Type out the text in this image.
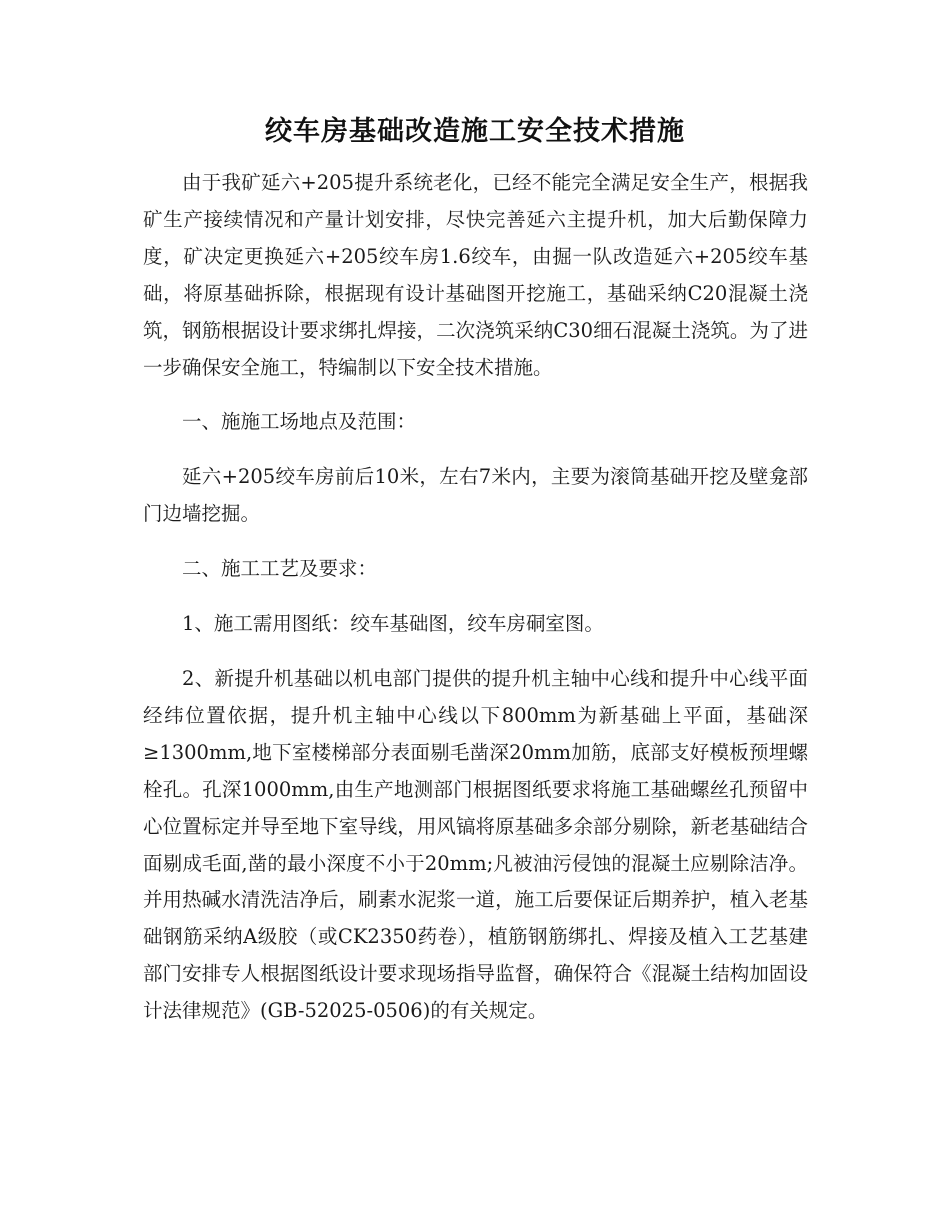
绞车房基础改造施工安全技术措施

由于我矿延六+205提升系统老化，已经不能完全满足安全生产，根据我矿生产接续情况和产量计划安排，尽快完善延六主提升机，加大后勤保障力度，矿决定更换延六+205绞车房1.6绞车，由掘一队改造延六+205绞车基础，将原基础拆除，根据现有设计基础图开挖施工，基础采纳C20混凝土浇筑，钢筋根据设计要求绑扎焊接，二次浇筑采纳C30细石混凝土浇筑。为了进一步确保安全施工，特编制以下安全技术措施。

一、施施工场地点及范围：

延六+205绞车房前后10米，左右7米内，主要为滚筒基础开挖及壁龛部门边墙挖掘。

二、施工工艺及要求：

1、施工需用图纸：绞车基础图，绞车房硐室图。

2、新提升机基础以机电部门提供的提升机主轴中心线和提升中心线平面经纬位置依据，提升机主轴中心线以下800mm为新基础上平面，基础深≥1300mm,地下室楼梯部分表面剔毛凿深20mm加筋，底部支好模板预埋螺栓孔。孔深1000mm,由生产地测部门根据图纸要求将施工基础螺丝孔预留中心位置标定并导至地下室导线，用风镐将原基础多余部分剔除，新老基础结合面剔成毛面,凿的最小深度不小于20mm;凡被油污侵蚀的混凝土应剔除洁净。并用热碱水清洗洁净后，刷素水泥浆一道，施工后要保证后期养护，植入老基础钢筋采纳A级胶（或CK2350药卷），植筋钢筋绑扎、焊接及植入工艺基建部门安排专人根据图纸设计要求现场指导监督，确保符合《混凝土结构加固设计法律规范》(GB-52025-0506)的有关规定。
